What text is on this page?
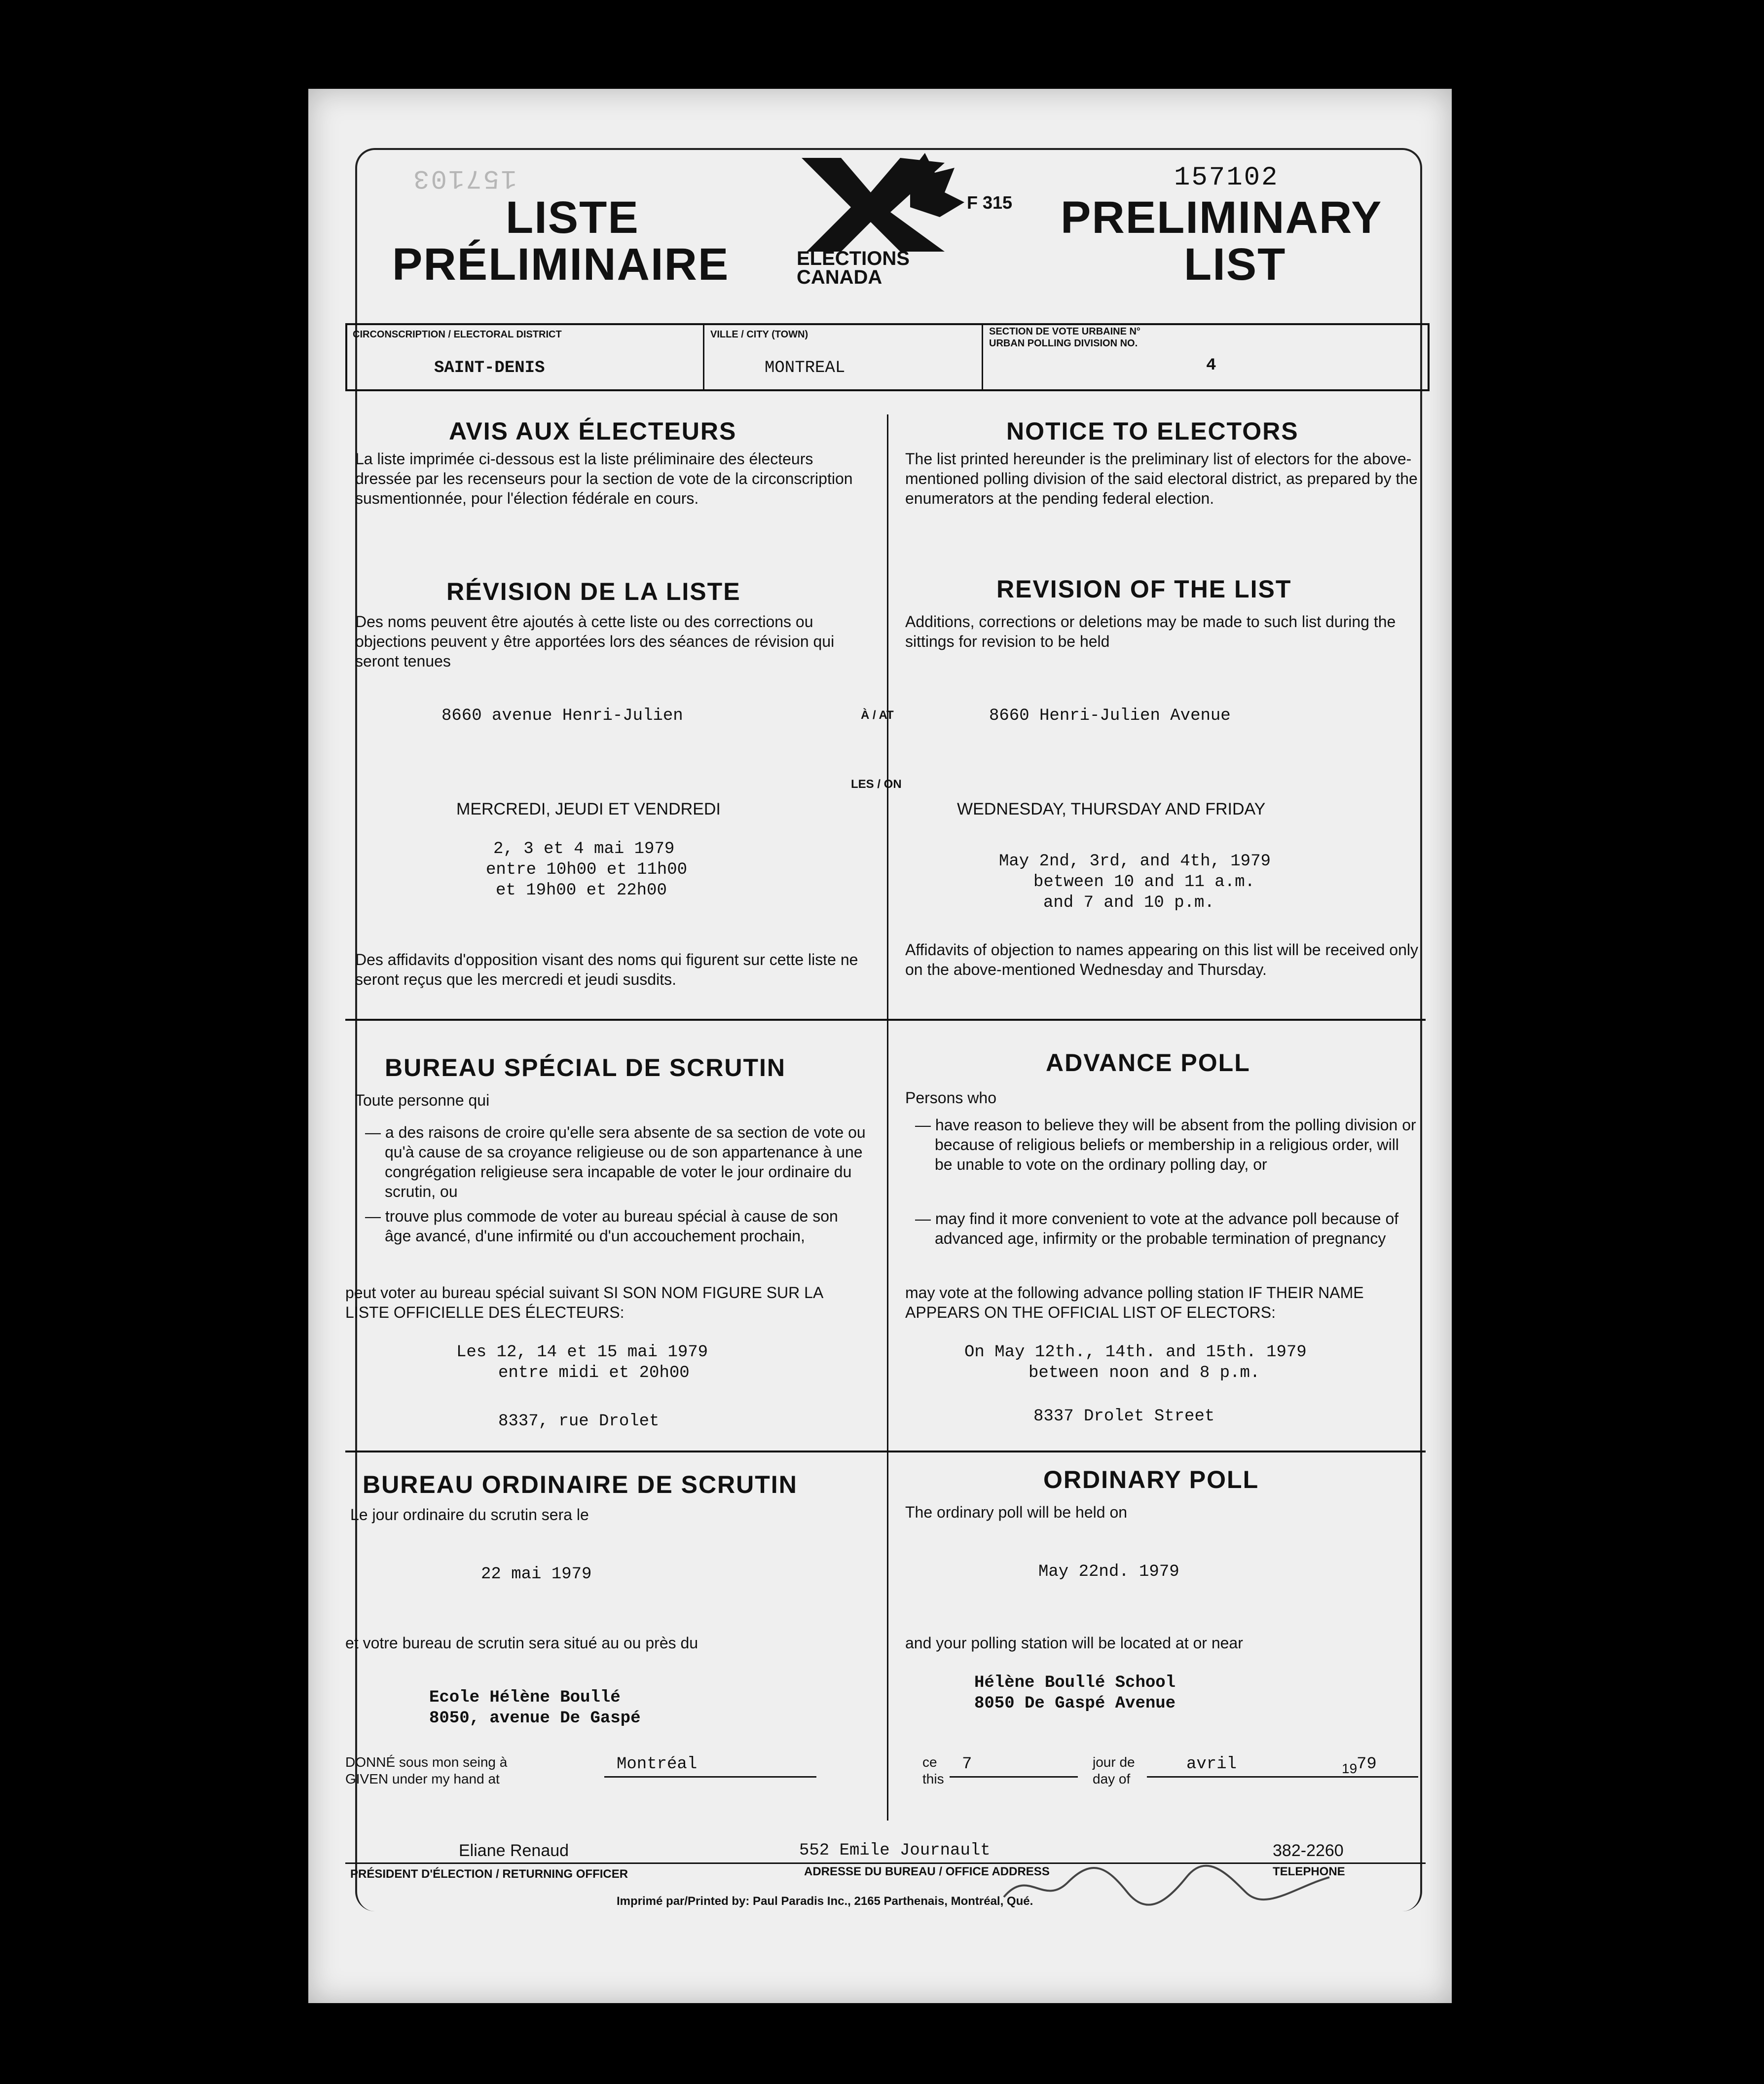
157103	157102
LISTE
PRÉLIMINAIRE	ELECTIONS
CANADA
F 315 PRELIMINARY
LIST
CIRCONSCRIPTION / ELECTORAL DISTRICT
SAINT-DENIS
VILLE / CITY (TOWN)
MONTREAL
SECTION DE VOTE URBAINE N° URBAN POLLING DIVISION NO.
4
AVIS AUX ÉLECTEURS
La liste imprimée ci-dessous est la liste préliminaire des électeurs dressée par les recenseurs pour la section de vote de la circonscription susmentionnée, pour l'élection fédérale en cours.
RÉVISION DE LA LISTE
Des noms peuvent être ajoutés à cette liste ou des corrections ou objections peuvent y être apportées lors des séances de révision qui seront tenues
8660 avenue Henri-Julien	À / AT
LES / ON
MERCREDI, JEUDI ET VENDREDI
2, 3 et 4 mai 1979
entre 10h00 et 11h00
et 19h00 et 22h00
Des affidavits d'opposition visant des noms qui figurent sur cette liste ne seront reçus que les mercredi et jeudi susdits.
BUREAU SPÉCIAL DE SCRUTIN
Toute personne qui
— a des raisons de croire qu'elle sera absente de sa section de vote ou qu'à cause de sa croyance religieuse ou de son appartenance à une congrégation religieuse sera incapable de voter le jour ordinaire du scrutin, ou
— trouve plus commode de voter au bureau spécial à cause de son âge avancé, d'une infirmité ou d'un accouchement prochain,
peut voter au bureau spécial suivant SI SON NOM FIGURE SUR LA LISTE OFFICIELLE DES ÉLECTEURS:
Les 12, 14 et 15 mai 1979
entre midi et 20h00
8337, rue Drolet
BUREAU ORDINAIRE DE SCRUTIN
Le jour ordinaire du scrutin sera le
22 mai 1979
et votre bureau de scrutin sera situé au ou près du
Ecole Hélène Boullé
8050, avenue De Gaspé
NOTICE TO ELECTORS
The list printed hereunder is the preliminary list of electors for the above-mentioned polling division of the said electoral district, as prepared by the enumerators at the pending federal election.
REVISION OF THE LIST
Additions, corrections or deletions may be made to such list during the sittings for revision to be held
8660 Henri-Julien Avenue
WEDNESDAY, THURSDAY AND FRIDAY
May 2nd, 3rd, and 4th, 1979
between 10 and 11 a.m.
and 7 and 10 p.m.
Affidavits of objection to names appearing on this list will be received only on the above-mentioned Wednesday and Thursday.
ADVANCE POLL
Persons who
— have reason to believe they will be absent from the polling division or because of religious beliefs or membership in a religious order, will be unable to vote on the ordinary polling day, or
— may find it more convenient to vote at the advance poll because of advanced age, infirmity or the probable termination of pregnancy
may vote at the following advance polling station IF THEIR NAME APPEARS ON THE OFFICIAL LIST OF ELECTORS:
On May 12th., 14th. and 15th. 1979
between noon and 8 p.m.
8337 Drolet Street
ORDINARY POLL
The ordinary poll will be held on
May 22nd. 1979
and your polling station will be located at or near
Hélène Boullé School
8050 De Gaspé Avenue
DONNÉ sous mon seing à
GIVEN under my hand at
Montréal	ce
this
7	jour de
day of
avril	19
79
Eliane Renaud	552 Emile Journault	382-2260
PRÉSIDENT D'ÉLECTION / RETURNING OFFICER	ADRESSE DU BUREAU / OFFICE ADDRESS	TELEPHONE
Imprimé par/Printed by: Paul Paradis Inc., 2165 Parthenais, Montréal, Qué.
